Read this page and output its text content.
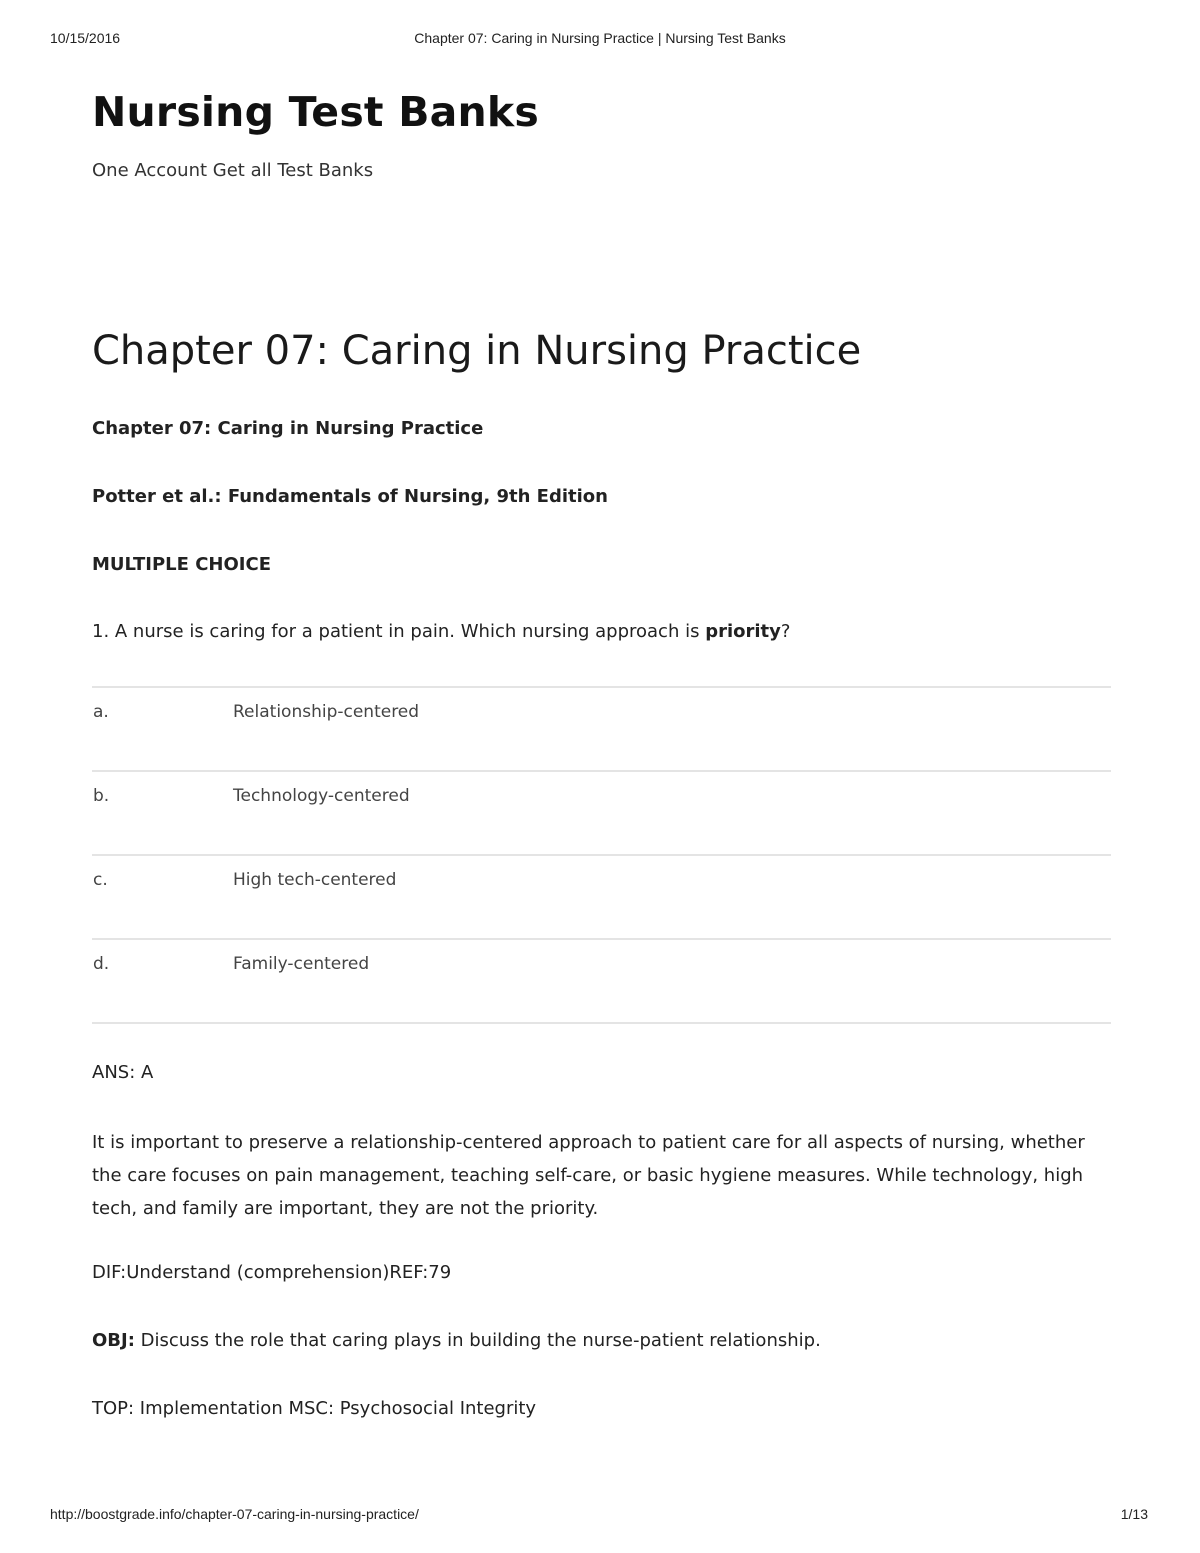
Chapter 07: Caring in Nursing Practice | Nursing Test Banks
10/15/2016
Nursing Test Banks

One Account Get all Test Banks

Chapter 07: Caring in Nursing Practice

Chapter 07: Caring in Nursing Practice

Potter et al.: Fundamentals of Nursing, 9th Edition

MULTIPLE CHOICE

1. A nurse is caring for a patient in pain. Which nursing approach is priority?

a.	Relationship-centered
b.	Technology-centered
c.	High tech-centered
d.	Family-centered

ANS: A

It is important to preserve a relationship-centered approach to patient care for all aspects of nursing, whether the care focuses on pain management, teaching self-care, or basic hygiene measures. While technology, high tech, and family are important, they are not the priority.

DIF:Understand (comprehension)REF:79

OBJ: Discuss the role that caring plays in building the nurse-patient relationship.

TOP: Implementation MSC: Psychosocial Integrity

http://boostgrade.info/chapter-07-caring-in-nursing-practice/	1/13
